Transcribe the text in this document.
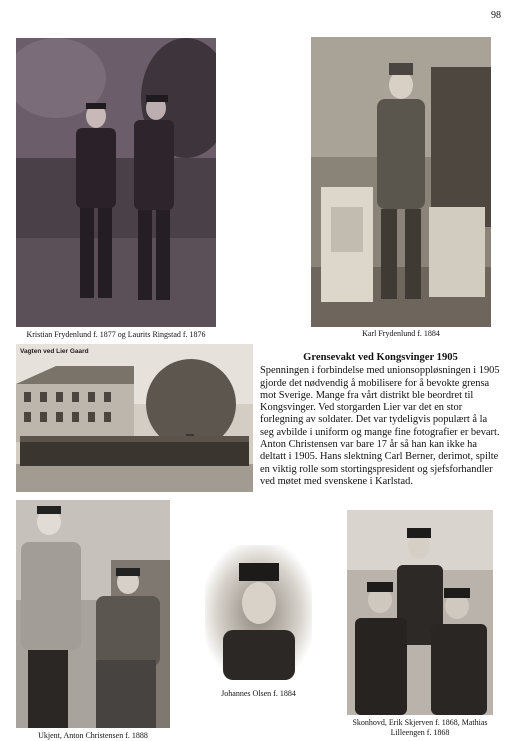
98
Kristian Frydenlund f. 1877 og Laurits Ringstad f. 1876	Karl Frydenlund f. 1884
Vagten ved Lier Gaard
Grensevakt ved Kongsvinger 1905

Spenningen i forbindelse med unionsoppløsningen i 1905 gjorde det nødvendig å mobilisere for å bevokte grensa mot Sverige. Mange fra vårt distrikt ble beordret til Kongsvinger. Ved storgarden Lier var det en stor forlegning av soldater. Det var tydeligvis populært å la seg avbilde i uniform og mange fine fotografier er bevart. Anton Christensen var bare 17 år så han kan ikke ha deltatt i 1905. Hans slektning Carl Berner, derimot, spilte en viktig rolle som stortingspresident og sjefsforhandler ved møtet med svenskene i Karlstad.

Ukjent, Anton Christensen f. 1888
Johannes Olsen f. 1884
Skonhovd, Erik Skjerven f. 1868, Mathias
Lilleengen f. 1868
